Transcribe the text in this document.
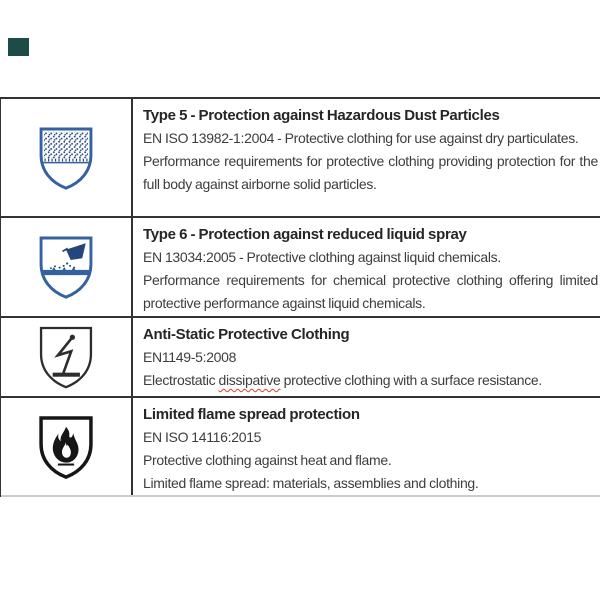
Type 5 - Protection against Hazardous Dust Particles

EN ISO 13982-1:2004 - Protective clothing for use against dry particulates.

Performance requirements for protective clothing providing protection for the full body against airborne solid particles.

Type 6 - Protection against reduced liquid spray

EN 13034:2005 - Protective clothing against liquid chemicals.

Performance requirements for chemical protective clothing offering limited protective performance against liquid chemicals.

Anti-Static Protective Clothing

EN1149-5:2008

Electrostatic dissipative protective clothing with a surface resistance.

Limited flame spread protection

EN ISO 14116:2015

Protective clothing against heat and flame.

Limited flame spread: materials, assemblies and clothing.
